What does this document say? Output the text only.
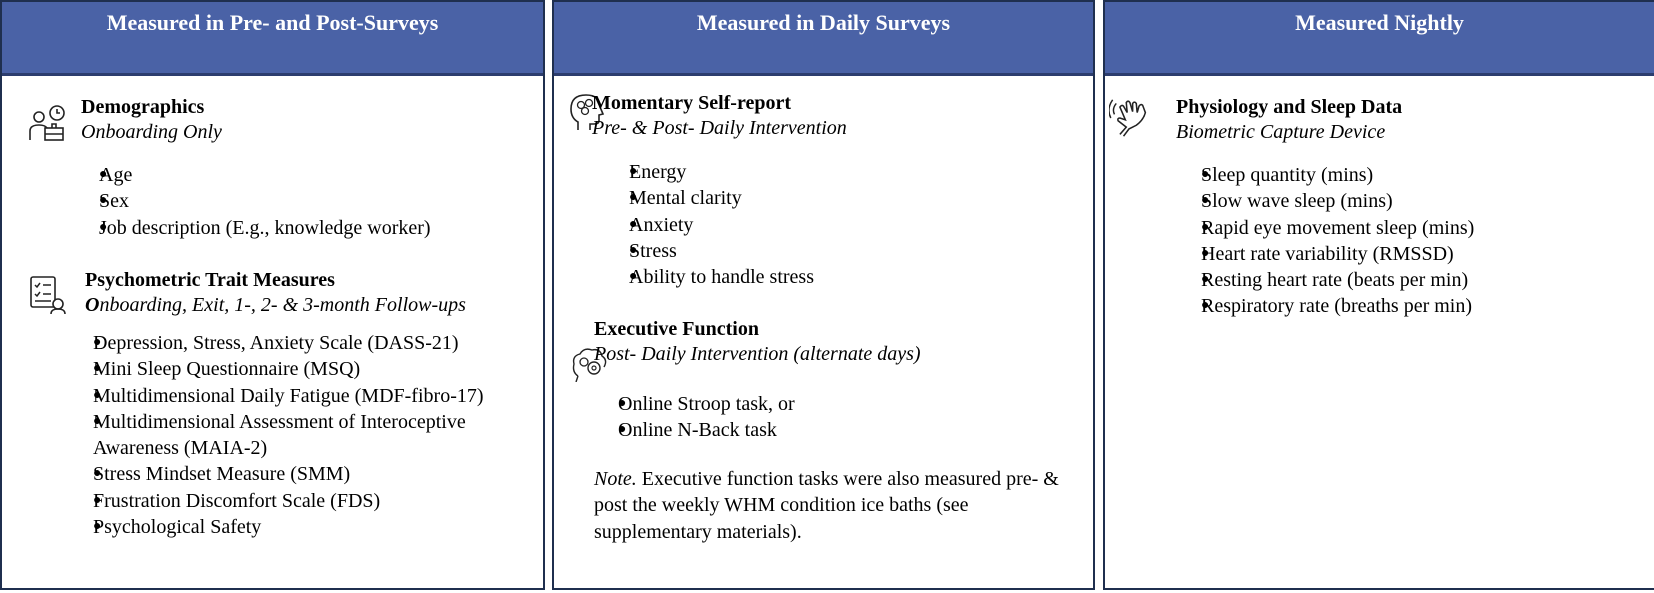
Measured in Pre- and Post-Surveys
Demographics
Onboarding Only
● Age
● Sex
● Job description (E.g., knowledge worker)
Psychometric Trait Measures
Onboarding, Exit, 1-, 2- & 3-month Follow-ups
● Depression, Stress, Anxiety Scale (DASS-21)
● Mini Sleep Questionnaire (MSQ)
● Multidimensional Daily Fatigue (MDF-fibro-17)
● Multidimensional Assessment of Interoceptive Awareness (MAIA-2)
● Stress Mindset Measure (SMM)
● Frustration Discomfort Scale (FDS)
● Psychological Safety
Measured in Daily Surveys
Momentary Self-report
Pre- & Post- Daily Intervention
● Energy
● Mental clarity
● Anxiety
● Stress
● Ability to handle stress
Executive Function
Post- Daily Intervention (alternate days)
● Online Stroop task, or
● Online N-Back task
Note. Executive function tasks were also measured pre- & post the weekly WHM condition ice baths (see supplementary materials).
Measured Nightly
Physiology and Sleep Data
Biometric Capture Device
● Sleep quantity (mins)
● Slow wave sleep (mins)
● Rapid eye movement sleep (mins)
● Heart rate variability (RMSSD)
● Resting heart rate (beats per min)
● Respiratory rate (breaths per min)
